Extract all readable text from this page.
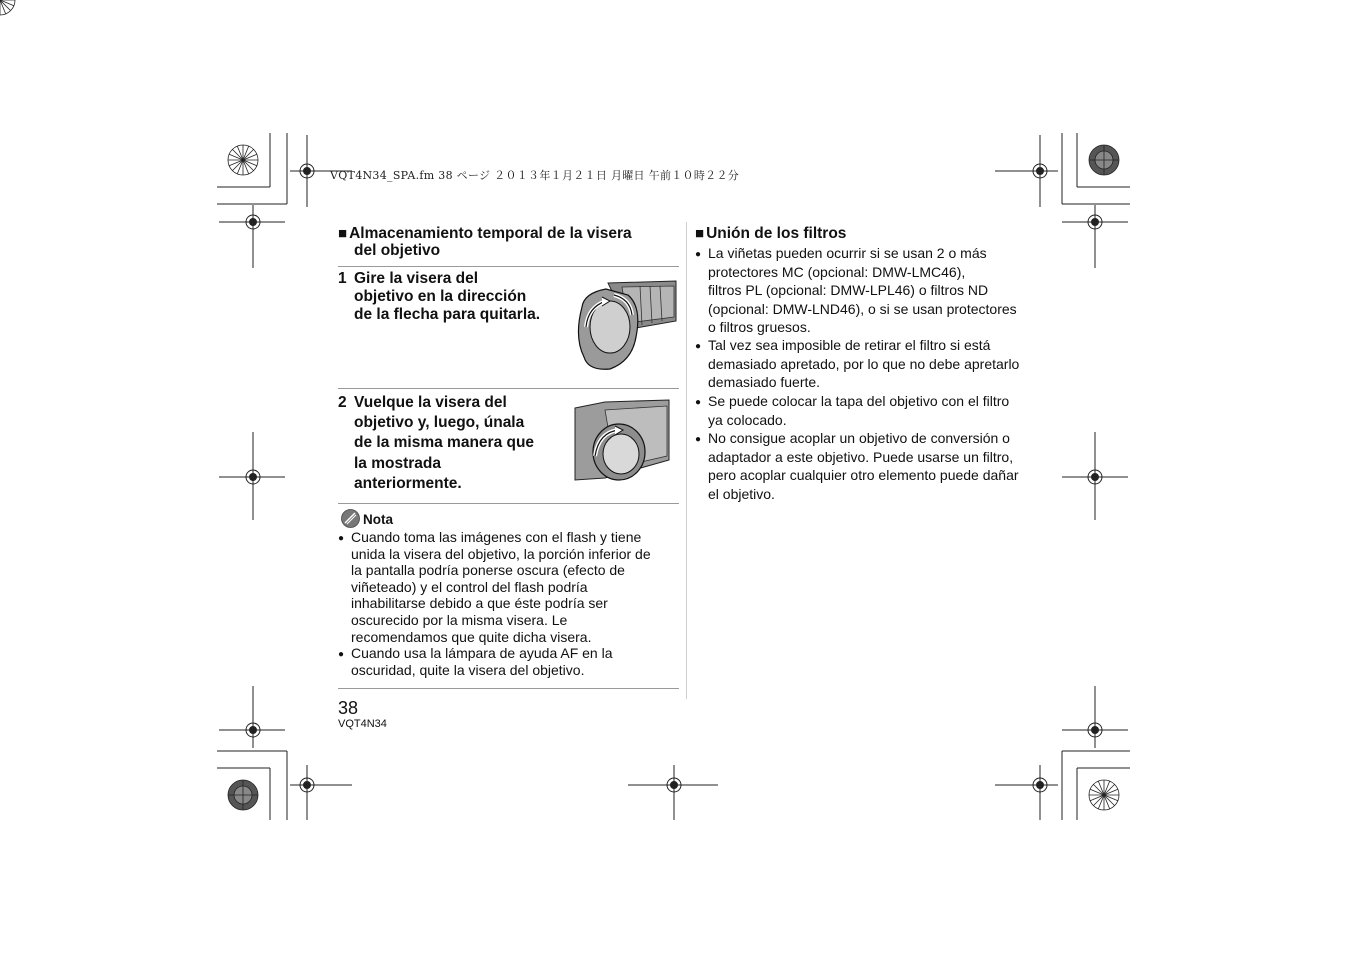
VQT4N34_SPA.fm 38 ページ ２０１３年１月２１日 月曜日 午前１０時２２分
■ Almacenamiento temporal de la visera
del objetivo
1 Gire la visera del
objetivo en la dirección
de la flecha para quitarla.
2 Vuelque la visera del
objetivo y, luego, únala
de la misma manera que
la mostrada
anteriormente.
Nota
● Cuando toma las imágenes con el flash y tiene
unida la visera del objetivo, la porción inferior de
la pantalla podría ponerse oscura (efecto de
viñeteado) y el control del flash podría
inhabilitarse debido a que éste podría ser
oscurecido por la misma visera. Le
recomendamos que quite dicha visera.
● Cuando usa la lámpara de ayuda AF en la
oscuridad, quite la visera del objetivo.
■ Unión de los filtros
● La viñetas pueden ocurrir si se usan 2 o más
protectores MC (opcional: DMW-LMC46),
filtros PL (opcional: DMW-LPL46) o filtros ND
(opcional: DMW-LND46), o si se usan protectores
o filtros gruesos.
● Tal vez sea imposible de retirar el filtro si está
demasiado apretado, por lo que no debe apretarlo
demasiado fuerte.
● Se puede colocar la tapa del objetivo con el filtro
ya colocado.
● No consigue acoplar un objetivo de conversión o
adaptador a este objetivo. Puede usarse un filtro,
pero acoplar cualquier otro elemento puede dañar
el objetivo.
38
VQT4N34
